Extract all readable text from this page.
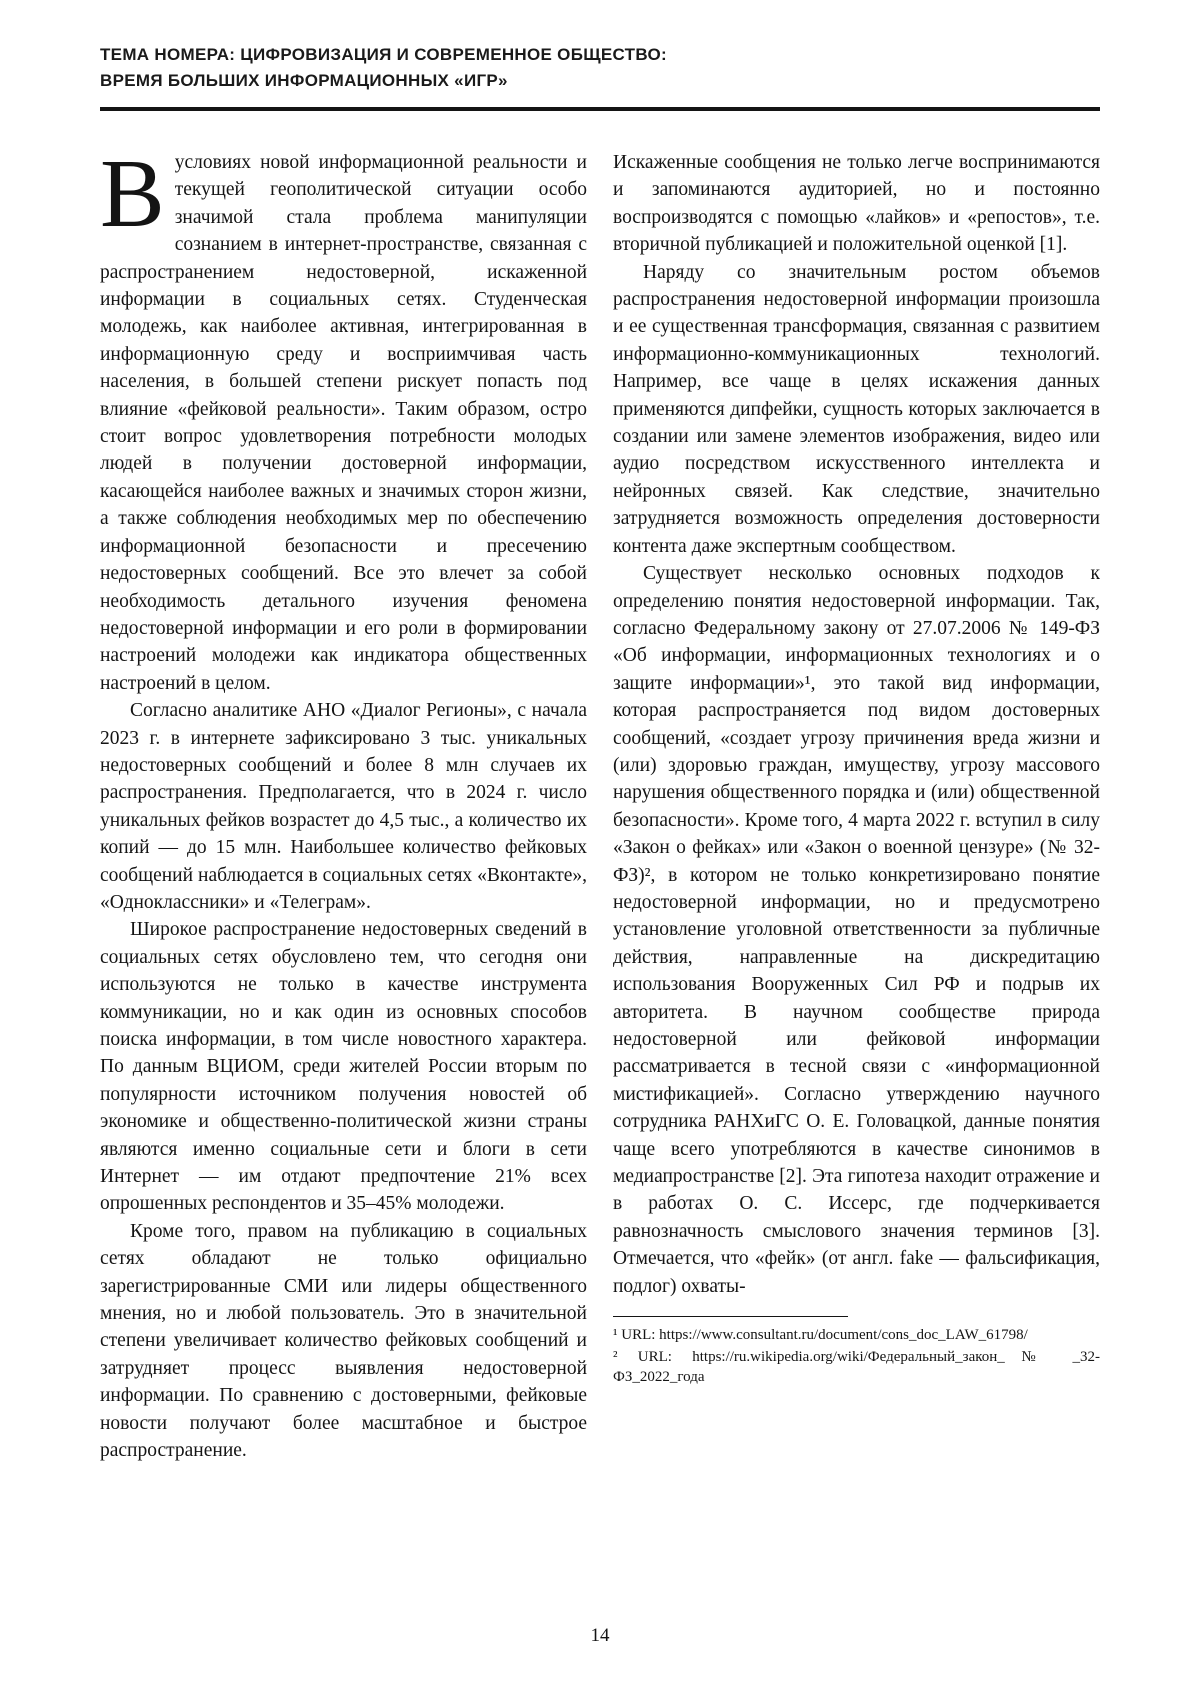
ТЕМА НОМЕРА: ЦИФРОВИЗАЦИЯ И СОВРЕМЕННОЕ ОБЩЕСТВО:
ВРЕМЯ БОЛЬШИХ ИНФОРМАЦИОННЫХ «ИГР»

Вусловиях новой информационной реальности и текущей геополитической ситуации особо значимой стала проблема манипуляции сознанием в интернет-пространстве, связанная с распространением недостоверной, искаженной информации в социальных сетях. Студенческая молодежь, как наиболее активная, интегрированная в информационную среду и восприимчивая часть населения, в большей степени рискует попасть под влияние «фейковой реальности». Таким образом, остро стоит вопрос удовлетворения потребности молодых людей в получении достоверной информации, касающейся наиболее важных и значимых сторон жизни, а также соблюдения необходимых мер по обеспечению информационной безопасности и пресечению недостоверных сообщений. Все это влечет за собой необходимость детального изучения феномена недостоверной информации и его роли в формировании настроений молодежи как индикатора общественных настроений в целом.

Согласно аналитике АНО «Диалог Регионы», с начала 2023 г. в интернете зафиксировано 3 тыс. уникальных недостоверных сообщений и более 8 млн случаев их распространения. Предполагается, что в 2024 г. число уникальных фейков возрастет до 4,5 тыс., а количество их копий — до 15 млн. Наибольшее количество фейковых сообщений наблюдается в социальных сетях «Вконтакте», «Одноклассники» и «Телеграм».

Широкое распространение недостоверных сведений в социальных сетях обусловлено тем, что сегодня они используются не только в качестве инструмента коммуникации, но и как один из основных способов поиска информации, в том числе новостного характера. По данным ВЦИОМ, среди жителей России вторым по популярности источником получения новостей об экономике и общественно-политической жизни страны являются именно социальные сети и блоги в сети Интернет — им отдают предпочтение 21% всех опрошенных респондентов и 35–45% молодежи.

Кроме того, правом на публикацию в социальных сетях обладают не только официально зарегистрированные СМИ или лидеры общественного мнения, но и любой пользователь. Это в значительной степени увеличивает количество фейковых сообщений и затрудняет процесс выявления недостоверной информации. По сравнению с достоверными, фейковые новости получают более масштабное и быстрое распространение.

Искаженные сообщения не только легче воспринимаются и запоминаются аудиторией, но и постоянно воспроизводятся с помощью «лайков» и «репостов», т.е. вторичной публикацией и положительной оценкой [1].

Наряду со значительным ростом объемов распространения недостоверной информации произошла и ее существенная трансформация, связанная с развитием информационно-коммуникационных технологий. Например, все чаще в целях искажения данных применяются дипфейки, сущность которых заключается в создании или замене элементов изображения, видео или аудио посредством искусственного интеллекта и нейронных связей. Как следствие, значительно затрудняется возможность определения достоверности контента даже экспертным сообществом.

Существует несколько основных подходов к определению понятия недостоверной информации. Так, согласно Федеральному закону от 27.07.2006 № 149-ФЗ «Об информации, информационных технологиях и о защите информации»¹, это такой вид информации, которая распространяется под видом достоверных сообщений, «создает угрозу причинения вреда жизни и (или) здоровью граждан, имуществу, угрозу массового нарушения общественного порядка и (или) общественной безопасности». Кроме того, 4 марта 2022 г. вступил в силу «Закон о фейках» или «Закон о военной цензуре» (№ 32-ФЗ)², в котором не только конкретизировано понятие недостоверной информации, но и предусмотрено установление уголовной ответственности за публичные действия, направленные на дискредитацию использования Вооруженных Сил РФ и подрыв их авторитета. В научном сообществе природа недостоверной или фейковой информации рассматривается в тесной связи с «информационной мистификацией». Согласно утверждению научного сотрудника РАНХиГС О. Е. Головацкой, данные понятия чаще всего употребляются в качестве синонимов в медиапространстве [2]. Эта гипотеза находит отражение и в работах О. С. Иссерс, где подчеркивается равнозначность смыслового значения терминов [3]. Отмечается, что «фейк» (от англ. fake — фальсификация, подлог) охваты-

¹ URL: https://www.consultant.ru/document/cons_doc_LAW_61798/

² URL: https://ru.wikipedia.org/wiki/Федеральный_закон_№ _32-ФЗ_2022_года

14
